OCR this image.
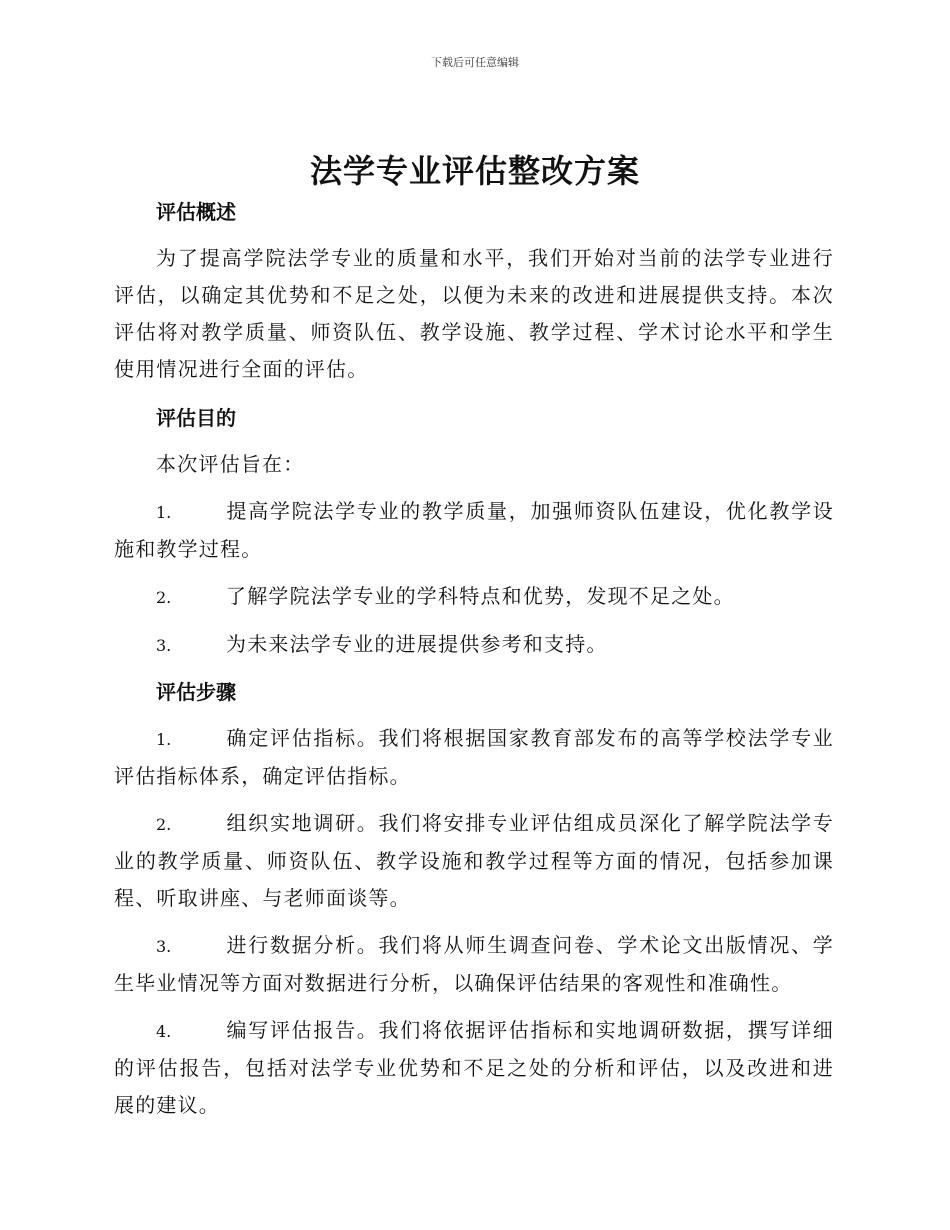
下载后可任意编辑
法学专业评估整改方案
评估概述

为了提高学院法学专业的质量和水平，我们开始对当前的法学专业进行评估，以确定其优势和不足之处，以便为未来的改进和进展提供支持。本次评估将对教学质量、师资队伍、教学设施、教学过程、学术讨论水平和学生使用情况进行全面的评估。

评估目的

本次评估旨在：

1.	提高学院法学专业的教学质量，加强师资队伍建设，优化教学设施和教学过程。

2.	了解学院法学专业的学科特点和优势，发现不足之处。

3.	为未来法学专业的进展提供参考和支持。

评估步骤

1.	确定评估指标。我们将根据国家教育部发布的高等学校法学专业评估指标体系，确定评估指标。

2.	组织实地调研。我们将安排专业评估组成员深化了解学院法学专业的教学质量、师资队伍、教学设施和教学过程等方面的情况，包括参加课程、听取讲座、与老师面谈等。

3.	进行数据分析。我们将从师生调查问卷、学术论文出版情况、学生毕业情况等方面对数据进行分析，以确保评估结果的客观性和准确性。

4.	编写评估报告。我们将依据评估指标和实地调研数据，撰写详细的评估报告，包括对法学专业优势和不足之处的分析和评估，以及改进和进展的建议。
